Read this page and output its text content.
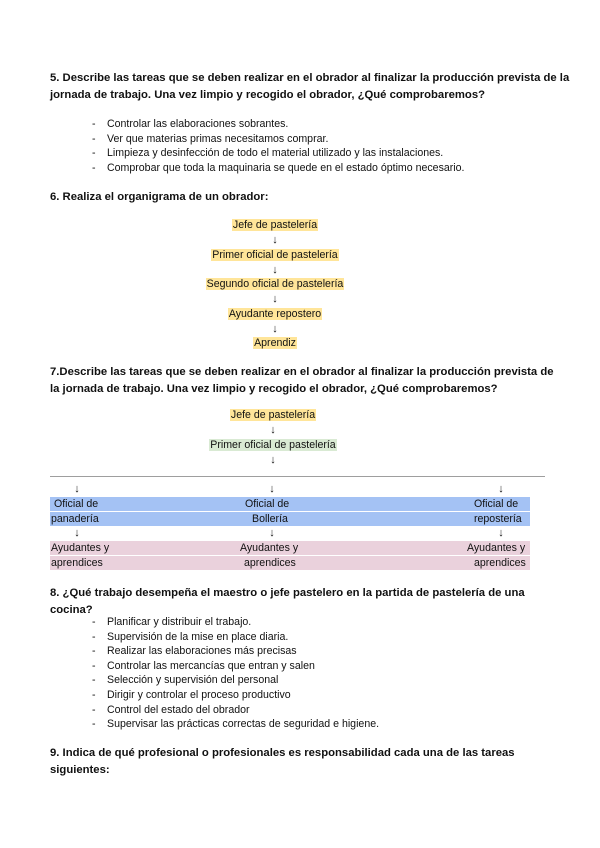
5. Describe las tareas que se deben realizar en el obrador al finalizar la producción prevista de la
jornada de trabajo. Una vez limpio y recogido el obrador, ¿Qué comprobaremos?
- Controlar las elaboraciones sobrantes.
- Ver que materias primas necesitamos comprar.
- Limpieza y desinfección de todo el material utilizado y las instalaciones.
- Comprobar que toda la maquinaria se quede en el estado óptimo necesario.
6. Realiza el organigrama de un obrador:
Jefe de pastelería
↓
Primer oficial de pastelería
↓
Segundo oficial de pastelería
↓
Ayudante repostero
↓
Aprendiz
7.Describe las tareas que se deben realizar en el obrador al finalizar la producción prevista de
la jornada de trabajo. Una vez limpio y recogido el obrador, ¿Qué comprobaremos?
Jefe de pastelería
↓
Primer oficial de pastelería
↓
↓	↓	↓
Oficial de
panadería
Oficial de
Bollería
Oficial de
repostería
↓	↓	↓
Ayudantes y
aprendices
Ayudantes y
aprendices
Ayudantes y
aprendices
8. ¿Qué trabajo desempeña el maestro o jefe pastelero en la partida de pastelería de una
cocina?
- Planificar y distribuir el trabajo.
- Supervisión de la mise en place diaria.
- Realizar las elaboraciones más precisas
- Controlar las mercancías que entran y salen
- Selección y supervisión del personal
- Dirigir y controlar el proceso productivo
- Control del estado del obrador
- Supervisar las prácticas correctas de seguridad e higiene.
9. Indica de qué profesional o profesionales es responsabilidad cada una de las tareas
siguientes:
